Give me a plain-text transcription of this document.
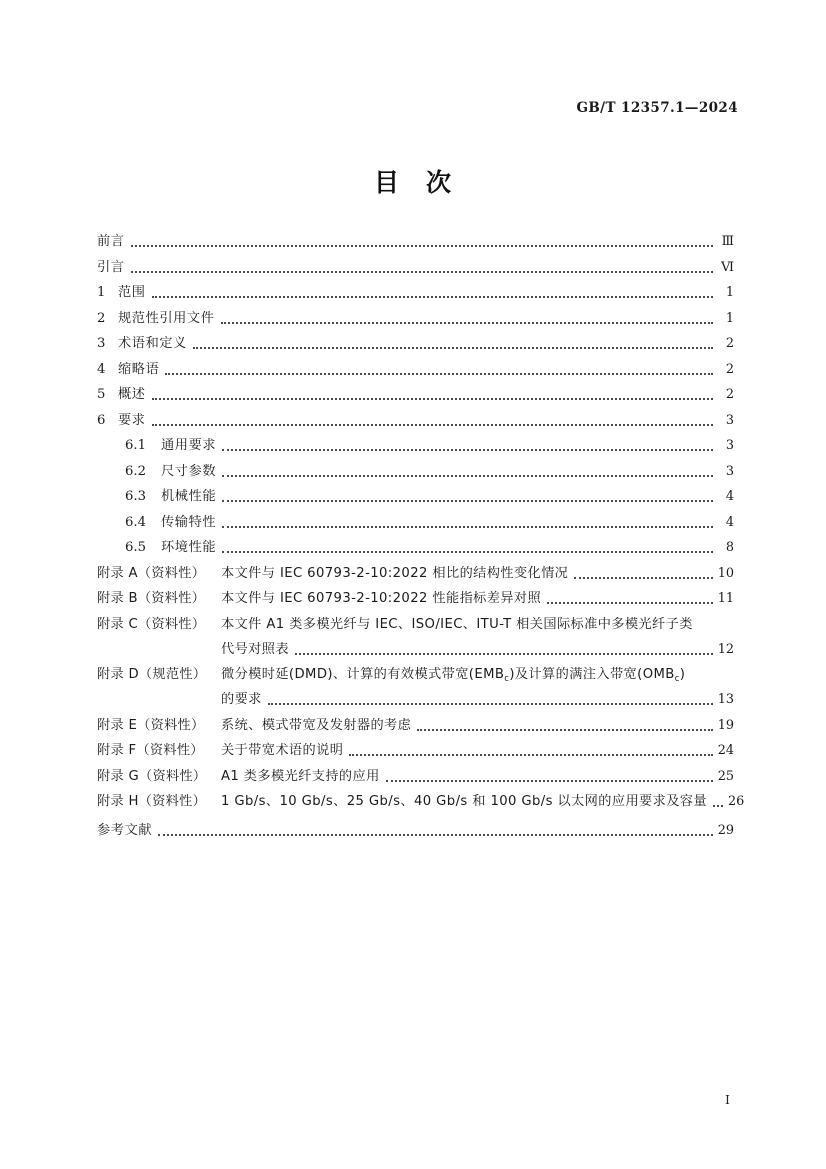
GB/T 12357.1—2024
目 次
前言	Ⅲ
引言	Ⅵ
1 范围	1
2 规范性引用文件	1
3 术语和定义	2
4 缩略语	2
5 概述	2
6 要求	3
6.1	通用要求	3
6.2	尺寸参数	3
6.3	机械性能	4
6.4	传输特性	4
6.5	环境性能	8
附录 A（资料性）	本文件与 IEC 60793-2-10:2022 相比的结构性变化情况	10
附录 B（资料性）	本文件与 IEC 60793-2-10:2022 性能指标差异对照	11
附录 C（资料性）	本文件 A1 类多模光纤与 IEC、ISO/IEC、ITU-T 相关国际标准中多模光纤子类
代号对照表	12
附录 D（规范性）	微分模时延(DMD)、计算的有效模式带宽$(EMB_c)$及计算的满注入带宽$(OMB_c)$
的要求	13
附录 E（资料性）	系统、模式带宽及发射器的考虑	19
附录 F（资料性）	关于带宽术语的说明	24
附录 G（资料性）	A1 类多模光纤支持的应用	25
附录 H（资料性）	1 Gb/s、10 Gb/s、25 Gb/s、40 Gb/s 和 100 Gb/s 以太网的应用要求及容量 26
参考文献	29
Ⅰ
